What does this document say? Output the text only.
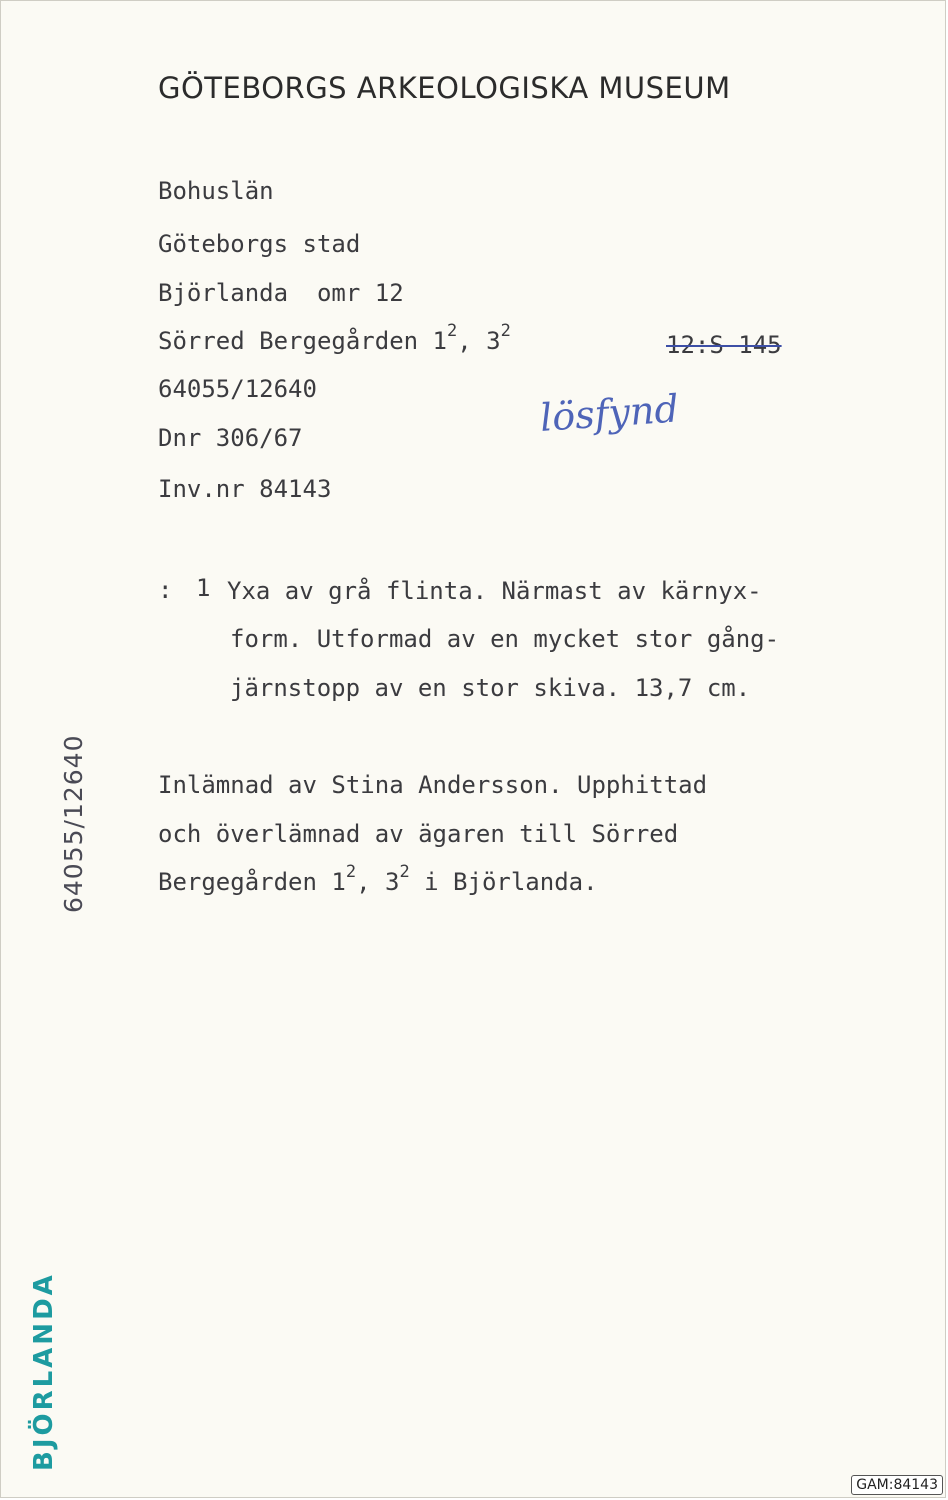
GÖTEBORGS ARKEOLOGISKA MUSEUM
Bohuslän
Göteborgs stad
Björlanda omr 12
Sörred Bergegården $1^2$, $3^2$	12:S 145
64055/12640
Dnr 306/67
Inv.nr 84143
lösfynd
: 1 Yxa av grå flinta. Närmast av kärnyx-
form. Utformad av en mycket stor gång-
järnstopp av en stor skiva. 13,7 cm.
Inlämnad av Stina Andersson. Upphittad
och överlämnad av ägaren till Sörred
Bergegården $1^2$, $3^2$ i Björlanda.
64055/12640
BJÖRLANDA
GAM:84143
